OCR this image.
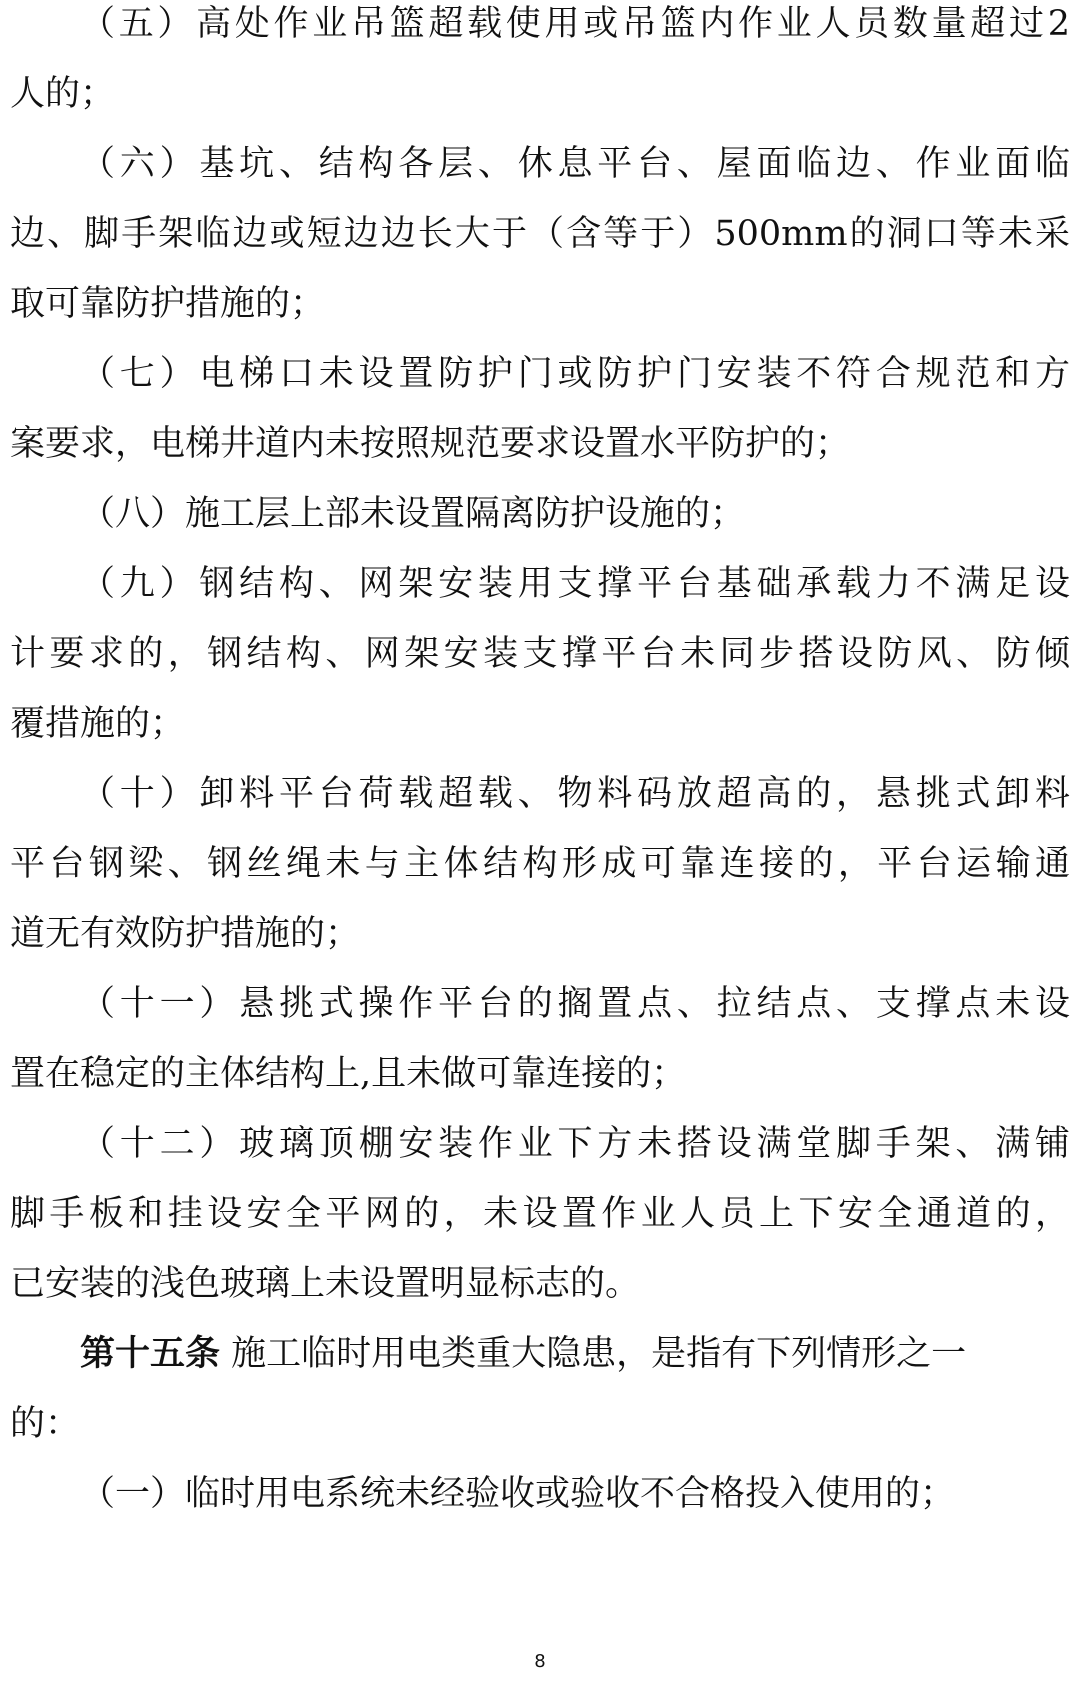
（五）高处作业吊篮超载使用或吊篮内作业人员数量超过2
人的；
（六）基坑、结构各层、休息平台、屋面临边、作业面临
边、脚手架临边或短边边长大于（含等于）500mm的洞口等未采
取可靠防护措施的；
（七）电梯口未设置防护门或防护门安装不符合规范和方
案要求，电梯井道内未按照规范要求设置水平防护的；
（八）施工层上部未设置隔离防护设施的；
（九）钢结构、网架安装用支撑平台基础承载力不满足设
计要求的，钢结构、网架安装支撑平台未同步搭设防风、防倾
覆措施的；
（十）卸料平台荷载超载、物料码放超高的，悬挑式卸料
平台钢梁、钢丝绳未与主体结构形成可靠连接的，平台运输通
道无有效防护措施的；
（十一）悬挑式操作平台的搁置点、拉结点、支撑点未设
置在稳定的主体结构上,且未做可靠连接的；
（十二）玻璃顶棚安装作业下方未搭设满堂脚手架、满铺
脚手板和挂设安全平网的，未设置作业人员上下安全通道的，
已安装的浅色玻璃上未设置明显标志的。
第十五条 施工临时用电类重大隐患，是指有下列情形之一
的：
（一）临时用电系统未经验收或验收不合格投入使用的；
8
